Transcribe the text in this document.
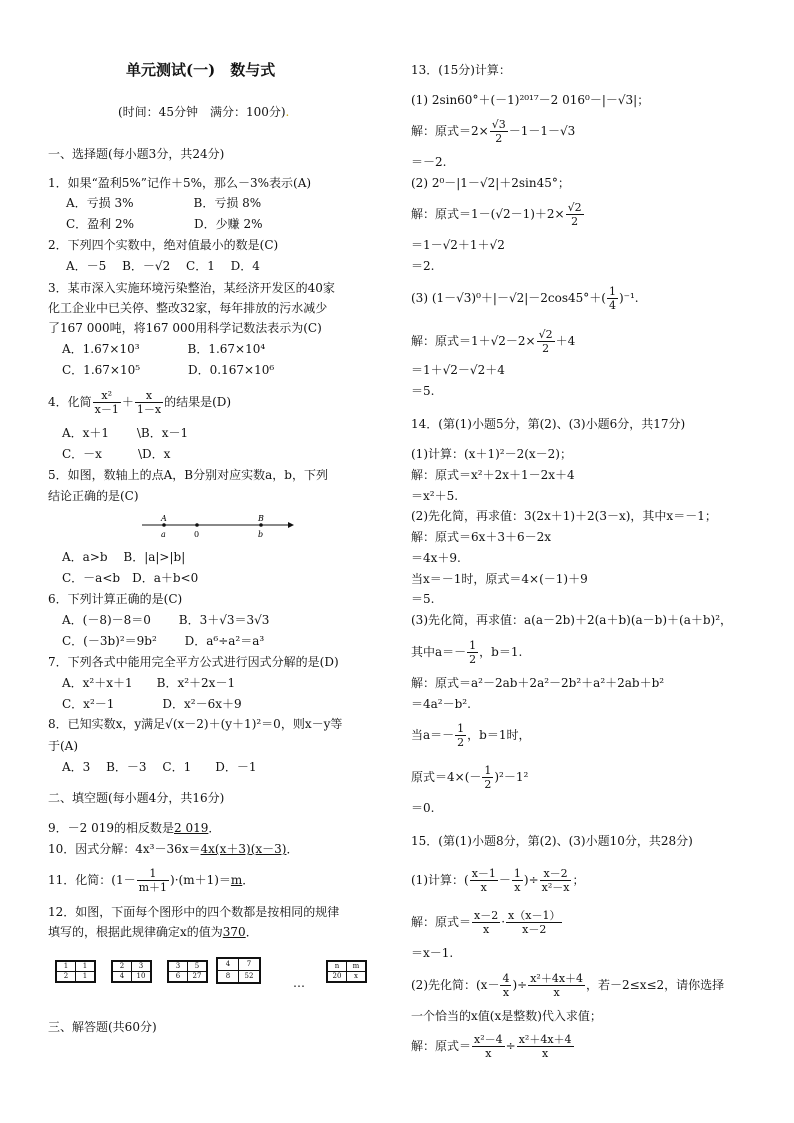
单元测试(一)　数与式
(时间：45分钟　满分：100分).
一、选择题(每小题3分，共24分)
1．如果“盈利5%”记作＋5%，那么－3%表示(A)
A．亏损 3%　　　　　B．亏损 8%
C．盈利 2%　　　　　D．少赚 2%
2．下列四个实数中，绝对值最小的数是(C)
A．－5　 B．－√2　 C．1　 D．4
3．某市深入实施环境污染整治，某经济开发区的40家
化工企业中已关停、整改32家，每年排放的污水减少
了167 000吨，将167 000用科学记数法表示为(C)
A．1.67×10³　　　　B．1.67×10⁴
C．1.67×10⁵　　　　D．0.167×10⁶
4．化简 $\frac{\text{x²}}{x-1} + \frac{x}{1-x}$ 的结果是(D)
A．x＋1　　 \B．x－1
C．－x　　　\D．x
5．如图，数轴上的点A，B分别对应实数a，b，下列
结论正确的是(C)
A
a	0
B
b
A．a>b　 B．|a|>|b|
C．－a<b　D．a＋b<0
6．下列计算正确的是(C)
A．(－8)－8＝0　　 B．3＋√3＝3√3
C．(－3b)²＝9b²　　 D．a⁶÷a²＝a³
7．下列各式中能用完全平方公式进行因式分解的是(D)
A．x²＋x＋1　　B．x²＋2x－1
C．x²－1　　　　D．x²－6x＋9
8．已知实数x，y满足√(x－2)＋(y＋1)²＝0，则x－y等
于(A)
A．3　 B．－3　 C．1　　D．－1
二、填空题(每小题4分，共16分)
9．－2 019的相反数是2 019．
10．因式分解：4x³－36x＝4x(x＋3)(x－3)．
11．化简：$(1- \frac{1}{m+1} )\cdot(m+1)=m$．
12．如图，下面每个图形中的四个数都是按相同的规律
填写的，根据此规律确定x的值为370．
1	1
2	1
2	3
4	10
3	5
6	27
4	7
8	52	…
n	m
20	x
三、解答题(共60分)
13．(15分)计算：
(1) 2sin60°＋(－1)²⁰¹⁷－2 016⁰－|－√3|；
解：原式$=2\times \frac{√3}{2} -1-1-√3$
＝－2.
(2) 2⁰－|1－√2|＋2sin45°；
解：原式$=1-(√2-1)+2\times \frac{√2}{2}$
＝1－√2＋1＋√2
＝2.
(3) $(1-√3)^0+|-√2|-2\cos 45^\circ+( \frac{1}{4} )^{-1}$.
解：原式$=1+√2-2\times \frac{√2}{2} +4$
＝1＋√2－√2＋4
＝5.
14．(第(1)小题5分，第(2)、(3)小题6分，共17分)
(1)计算：(x＋1)²－2(x－2)；
解：原式＝x²＋2x＋1－2x＋4
＝x²＋5.
(2)先化简，再求值：3(2x＋1)＋2(3－x)，其中x＝－1；
解：原式＝6x＋3＋6－2x
＝4x＋9.
当x＝－1时，原式＝4×(－1)＋9
＝5.
(3)先化简，再求值：a(a－2b)＋2(a＋b)(a－b)＋(a＋b)²，
其中$a=- \frac{1}{2}$ ，b＝1.
解：原式＝a²－2ab＋2a²－2b²＋a²＋2ab＋b²
＝4a²－b².
当$a=- \frac{1}{2}$ ，b＝1时，
原式$=4\times(- \frac{1}{2} )^2-1^2$
＝0.
15．(第(1)小题8分，第(2)、(3)小题10分，共28分)
(1)计算：( $\frac{x-1}{x} - \frac{1}{x}$ )÷ $\frac{x-2}{\text{x²－x}}$ ；
解：原式＝ $\frac{x-2}{x} \cdot \frac{x(x-1)}{x-2}$
＝x－1.
(2)先化简：($x- \frac{4}{x}$ )÷ $\frac{\text{x²＋4x＋4}}{x}$ ，若－2≤x≤2，请你选择
一个恰当的x值(x是整数)代入求值；
解：原式＝ $\frac{\text{x²－4}}{x} \div \frac{\text{x²＋4x＋4}}{x}$
